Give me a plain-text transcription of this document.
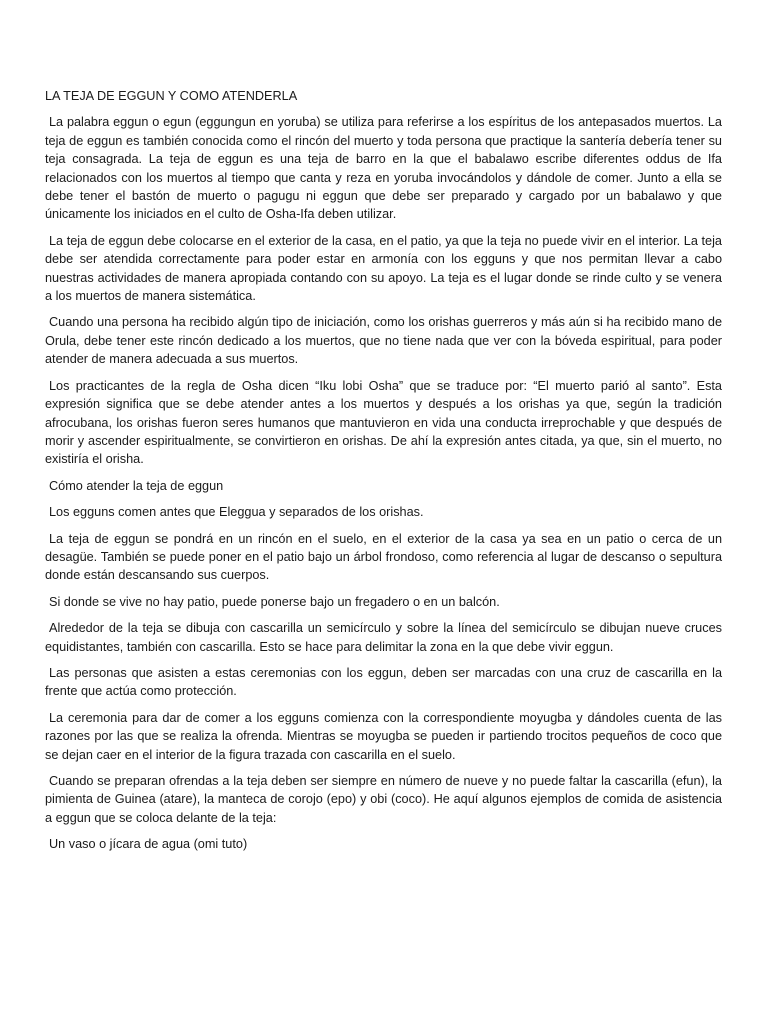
LA TEJA DE EGGUN Y COMO ATENDERLA

La palabra eggun o egun (eggungun en yoruba) se utiliza para referirse a los espíritus de los antepasados muertos. La teja de eggun es también conocida como el rincón del muerto y toda persona que practique la santería debería tener su teja consagrada. La teja de eggun es una teja de barro en la que el babalawo escribe diferentes oddus de Ifa relacionados con los muertos al tiempo que canta y reza en yoruba invocándolos y dándole de comer. Junto a ella se debe tener el bastón de muerto o pagugu ni eggun que debe ser preparado y cargado por un babalawo y que únicamente los iniciados en el culto de Osha-Ifa deben utilizar.

La teja de eggun debe colocarse en el exterior de la casa, en el patio, ya que la teja no puede vivir en el interior. La teja debe ser atendida correctamente para poder estar en armonía con los egguns y que nos permitan llevar a cabo nuestras actividades de manera apropiada contando con su apoyo. La teja es el lugar donde se rinde culto y se venera a los muertos de manera sistemática.

Cuando una persona ha recibido algún tipo de iniciación, como los orishas guerreros y más aún si ha recibido mano de Orula, debe tener este rincón dedicado a los muertos, que no tiene nada que ver con la bóveda espiritual, para poder atender de manera adecuada a sus muertos.

Los practicantes de la regla de Osha dicen “Iku lobi Osha” que se traduce por: “El muerto parió al santo”. Esta expresión significa que se debe atender antes a los muertos y después a los orishas ya que, según la tradición afrocubana, los orishas fueron seres humanos que mantuvieron en vida una conducta irreprochable y que después de morir y ascender espiritualmente, se convirtieron en orishas. De ahí la expresión antes citada, ya que, sin el muerto, no existiría el orisha.

Cómo atender la teja de eggun

Los egguns comen antes que Eleggua y separados de los orishas.

La teja de eggun se pondrá en un rincón en el suelo, en el exterior de la casa ya sea en un patio o cerca de un desagüe. También se puede poner en el patio bajo un árbol frondoso, como referencia al lugar de descanso o sepultura donde están descansando sus cuerpos.

Si donde se vive no hay patio, puede ponerse bajo un fregadero o en un balcón.

Alrededor de la teja se dibuja con cascarilla un semicírculo y sobre la línea del semicírculo se dibujan nueve cruces equidistantes, también con cascarilla. Esto se hace para delimitar la zona en la que debe vivir eggun.

Las personas que asisten a estas ceremonias con los eggun, deben ser marcadas con una cruz de cascarilla en la frente que actúa como protección.

La ceremonia para dar de comer a los egguns comienza con la correspondiente moyugba y dándoles cuenta de las razones por las que se realiza la ofrenda. Mientras se moyugba se pueden ir partiendo trocitos pequeños de coco que se dejan caer en el interior de la figura trazada con cascarilla en el suelo.

Cuando se preparan ofrendas a la teja deben ser siempre en número de nueve y no puede faltar la cascarilla (efun), la pimienta de Guinea (atare), la manteca de corojo (epo) y obi (coco). He aquí algunos ejemplos de comida de asistencia a eggun que se coloca delante de la teja:

Un vaso o jícara de agua (omi tuto)
